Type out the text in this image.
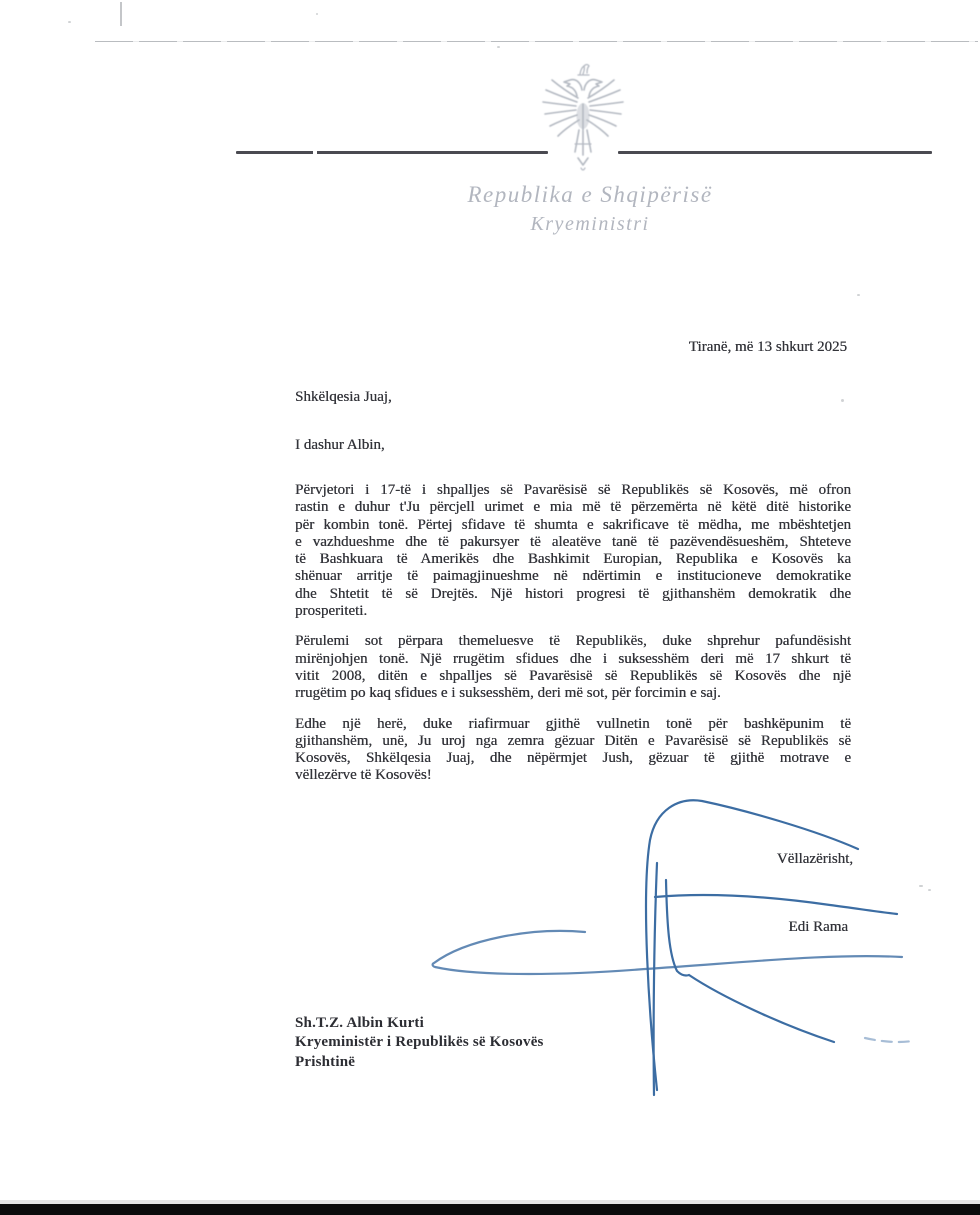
Republika e Shqipërisë
Kryeministri
Tiranë, më 13 shkurt 2025
Shkëlqesia Juaj,
I dashur Albin,
Përvjetori i 17-të i shpalljes së Pavarësisë së Republikës së Kosovës, më ofron
rastin e duhur t'Ju përcjell urimet e mia më të përzemërta në këtë ditë historike
për kombin tonë. Përtej sfidave të shumta e sakrificave të mëdha, me mbështetjen
e vazhdueshme dhe të pakursyer të aleatëve tanë të pazëvendësueshëm, Shteteve
të Bashkuara të Amerikës dhe Bashkimit Europian, Republika e Kosovës ka
shënuar arritje të paimagjinueshme në ndërtimin e institucioneve demokratike
dhe Shtetit të së Drejtës. Një histori progresi të gjithanshëm demokratik dhe
prosperiteti.
Përulemi sot përpara themeluesve të Republikës, duke shprehur pafundësisht
mirënjohjen tonë. Një rrugëtim sfidues dhe i suksesshëm deri më 17 shkurt të
vitit 2008, ditën e shpalljes së Pavarësisë së Republikës së Kosovës dhe një
rrugëtim po kaq sfidues e i suksesshëm, deri më sot, për forcimin e saj.
Edhe një herë, duke riafirmuar gjithë vullnetin tonë për bashkëpunim të
gjithanshëm, unë, Ju uroj nga zemra gëzuar Ditën e Pavarësisë së Republikës së
Kosovës, Shkëlqesia Juaj, dhe nëpërmjet Jush, gëzuar të gjithë motrave e
vëllezërve të Kosovës!
Vëllazërisht,
Edi Rama
Sh.T.Z. Albin Kurti
Kryeministër i Republikës së Kosovës
Prishtinë
